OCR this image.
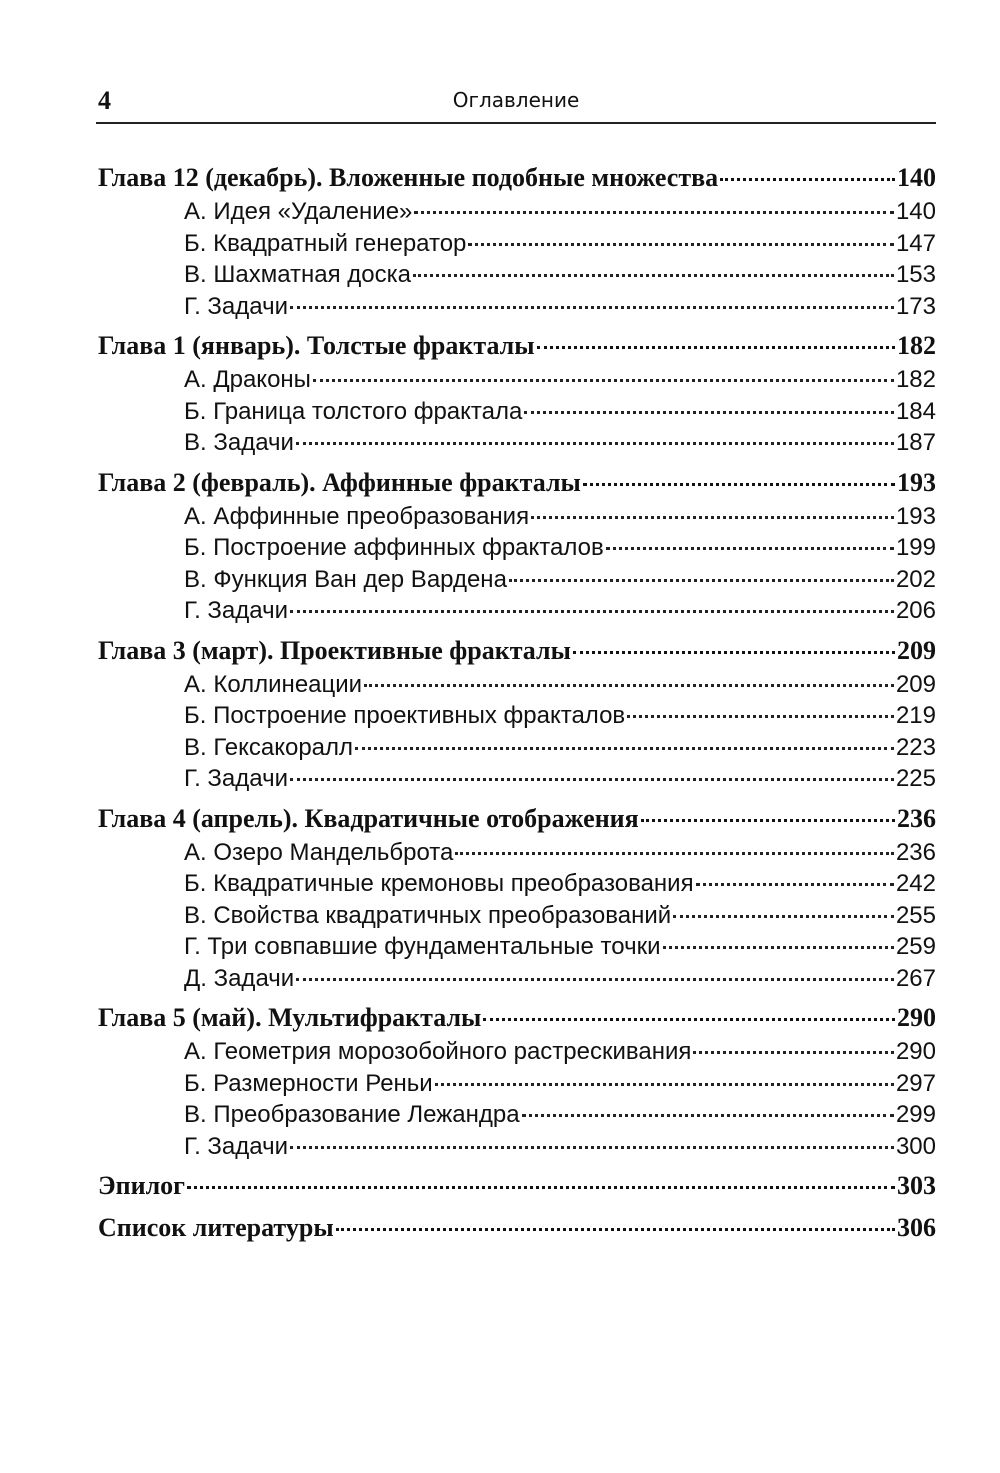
4	Оглавление
Глава 12 (декабрь). Вложенные подобные множества	140
А. Идея «Удаление»	140
Б. Квадратный генератор	147
В. Шахматная доска	153
Г. Задачи	173
Глава 1 (январь). Толстые фракталы	182
А. Драконы	182
Б. Граница толстого фрактала	184
В. Задачи	187
Глава 2 (февраль). Аффинные фракталы	193
А. Аффинные преобразования	193
Б. Построение аффинных фракталов	199
В. Функция Ван дер Вардена	202
Г. Задачи	206
Глава 3 (март). Проективные фракталы	209
А. Коллинеации	209
Б. Построение проективных фракталов	219
В. Гексакоралл	223
Г. Задачи	225
Глава 4 (апрель). Квадратичные отображения	236
А. Озеро Мандельброта	236
Б. Квадратичные кремоновы преобразования	242
В. Свойства квадратичных преобразований	255
Г. Три совпавшие фундаментальные точки	259
Д. Задачи	267
Глава 5 (май). Мультифракталы	290
А. Геометрия морозобойного растрескивания	290
Б. Размерности Реньи	297
В. Преобразование Лежандра	299
Г. Задачи	300
Эпилог	303
Список литературы	306
